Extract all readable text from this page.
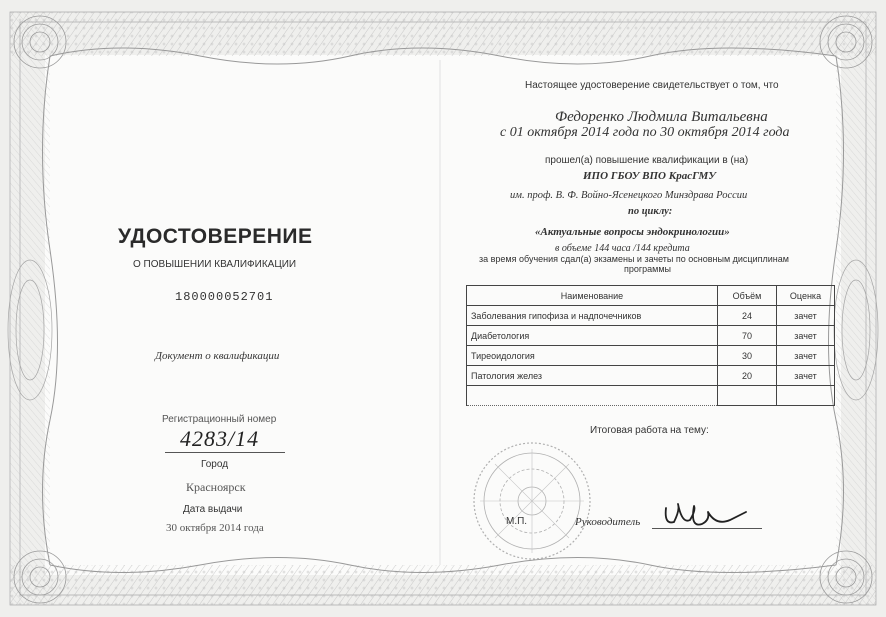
УДОСТОВЕРЕНИЕ
О ПОВЫШЕНИИ КВАЛИФИКАЦИИ
180000052701
Документ о квалификации
Регистрационный номер
4283/14
Город
Красноярск
Дата выдачи
30 октября 2014 года
Настоящее удостоверение свидетельствует о том, что
Федоренко Людмила Витальевна
с 01 октября 2014 года по 30 октября 2014 года
прошел(а) повышение квалификации в (на)
ИПО ГБОУ ВПО КрасГМУ
им. проф. В. Ф. Войно-Ясенецкого Минздрава России
по циклу:
«Актуальные вопросы эндокринологии»
в объеме 144 часа /144 кредита
за время обучения сдал(а) экзамены и зачеты по основным дисциплинам
программы
Наименование	Объём	Оценка
Заболевания гипофиза и надпочечников	24	зачет
Диабетология	70	зачет
Тиреоидология	30	зачет
Патология желез	20	зачет

Итоговая работа на тему:
М.П.	Руководитель
